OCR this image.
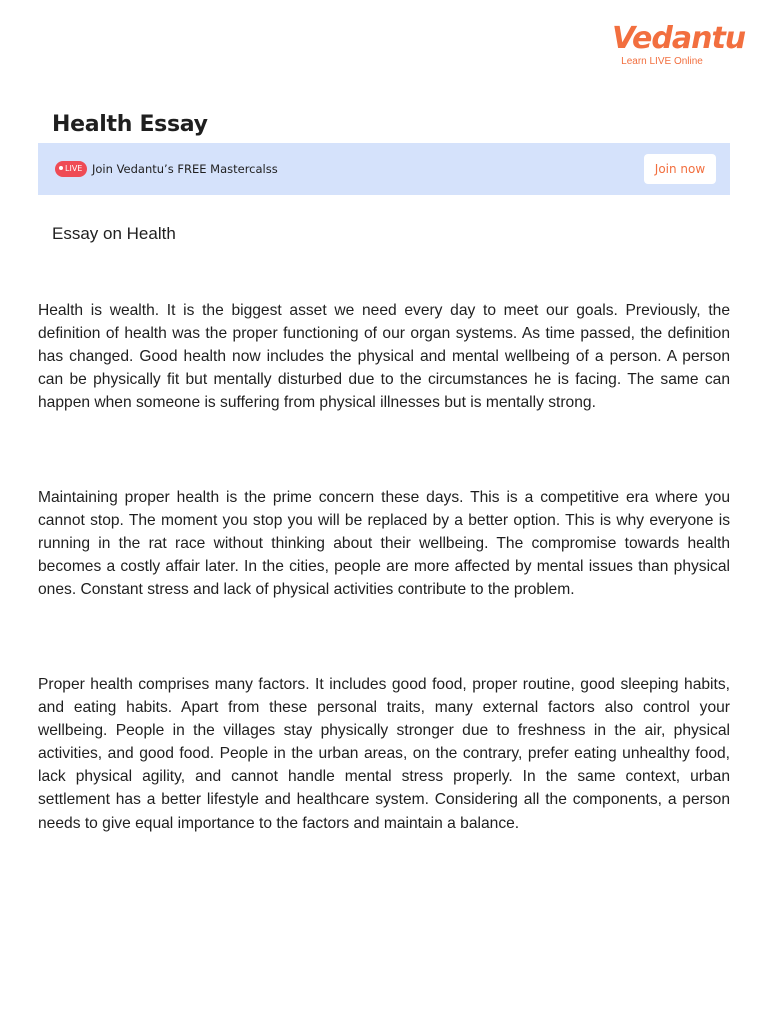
Vedantu
Learn LIVE Online
Health Essay
LIVE Join Vedantu’s FREE Mastercalss	Join now
Essay on Health

Health is wealth. It is the biggest asset we need every day to meet our goals. Previously, the definition of health was the proper functioning of our organ systems. As time passed, the definition has changed. Good health now includes the physical and mental wellbeing of a person. A person can be physically fit but mentally disturbed due to the circumstances he is facing. The same can happen when someone is suffering from physical illnesses but is mentally strong.

Maintaining proper health is the prime concern these days. This is a competitive era where you cannot stop. The moment you stop you will be replaced by a better option. This is why everyone is running in the rat race without thinking about their wellbeing. The compromise towards health becomes a costly affair later. In the cities, people are more affected by mental issues than physical ones. Constant stress and lack of physical activities contribute to the problem.

Proper health comprises many factors. It includes good food, proper routine, good sleeping habits, and eating habits. Apart from these personal traits, many external factors also control your wellbeing. People in the villages stay physically stronger due to freshness in the air, physical activities, and good food. People in the urban areas, on the contrary, prefer eating unhealthy food, lack physical agility, and cannot handle mental stress properly. In the same context, urban settlement has a better lifestyle and healthcare system. Considering all the components, a person needs to give equal importance to the factors and maintain a balance.
